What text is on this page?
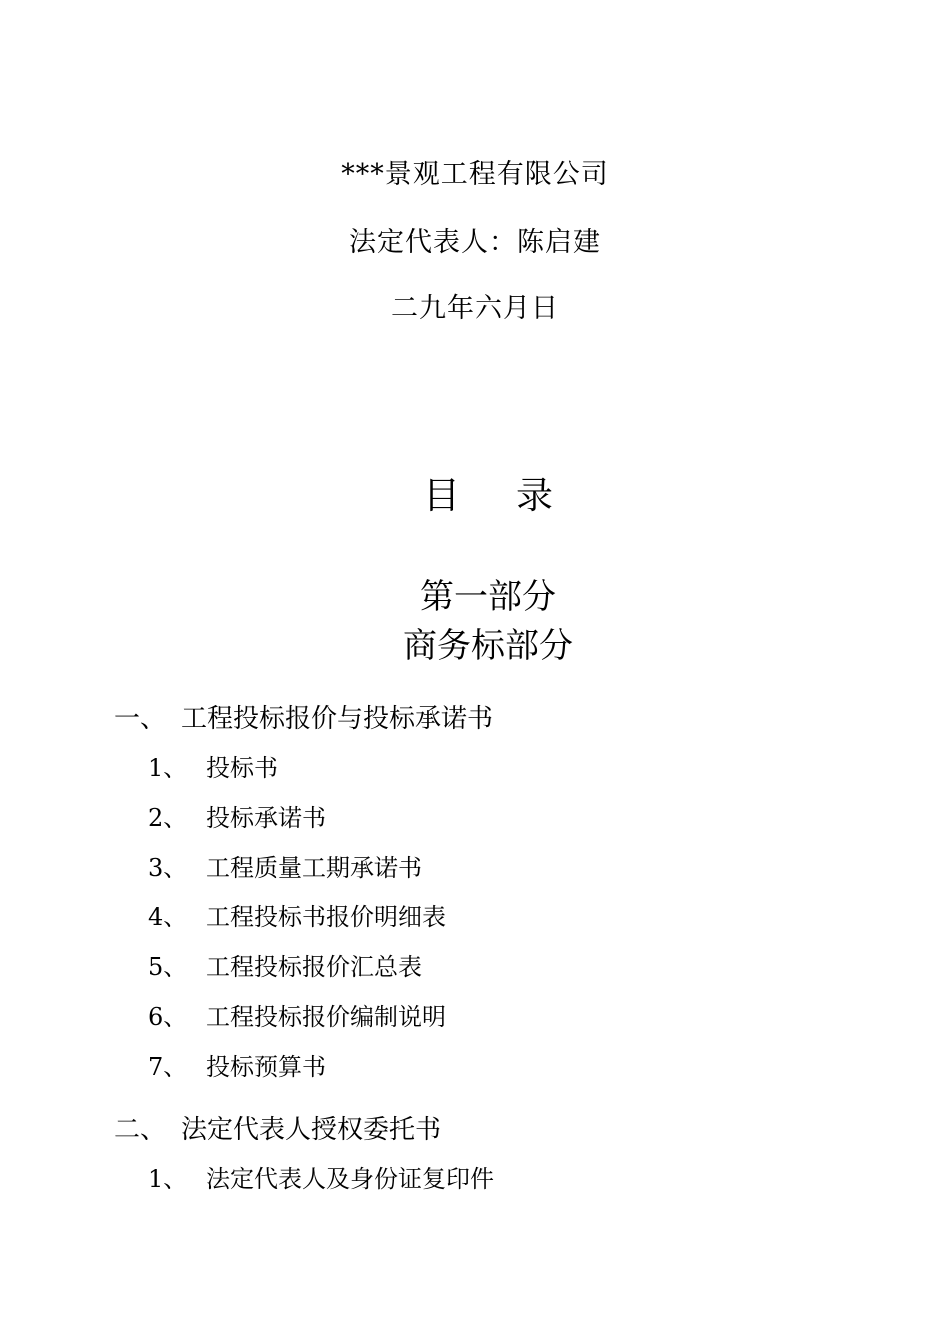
***景观工程有限公司
法定代表人：陈启建
二九年六月日
目 录
第一部分
商务标部分
一、 工程投标报价与投标承诺书
1、 投标书
2、 投标承诺书
3、 工程质量工期承诺书
4、 工程投标书报价明细表
5、 工程投标报价汇总表
6、 工程投标报价编制说明
7、 投标预算书
二、 法定代表人授权委托书
1、 法定代表人及身份证复印件
